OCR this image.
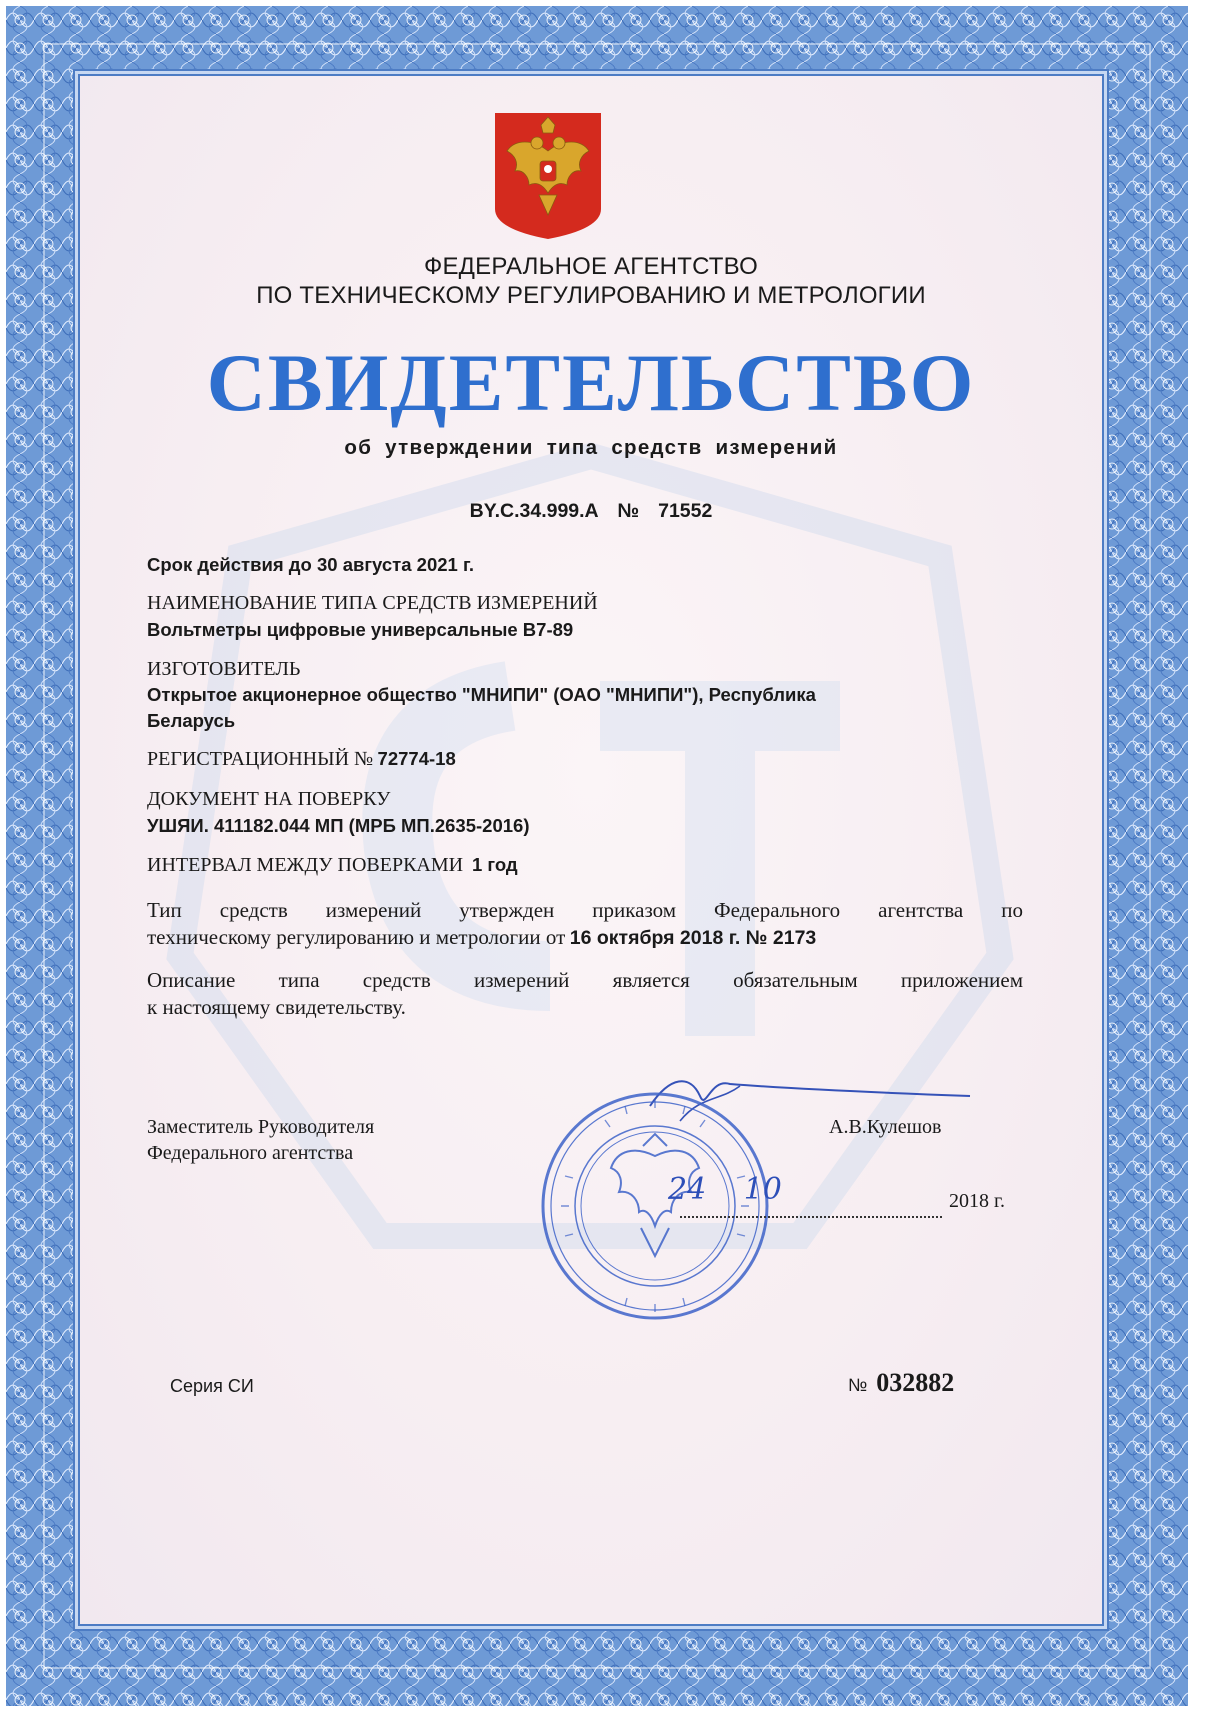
ФЕДЕРАЛЬНОЕ АГЕНТСТВО
ПО ТЕХНИЧЕСКОМУ РЕГУЛИРОВАНИЮ И МЕТРОЛОГИИ
СВИДЕТЕЛЬСТВО
об утверждении типа средств измерений
BY.C.34.999.A № 71552
Срок действия до 30 августа 2021 г.
НАИМЕНОВАНИЕ ТИПА СРЕДСТВ ИЗМЕРЕНИЙ
Вольтметры цифровые универсальные В7-89
ИЗГОТОВИТЕЛЬ
Открытое акционерное общество "МНИПИ" (ОАО "МНИПИ"), Республика
Беларусь
РЕГИСТРАЦИОННЫЙ № 72774-18
ДОКУМЕНТ НА ПОВЕРКУ
УШЯИ. 411182.044 МП (МРБ МП.2635-2016)
ИНТЕРВАЛ МЕЖДУ ПОВЕРКАМИ 1 год
Тип средств измерений утвержден приказом Федерального агентства по
техническому регулированию и метрологии от 16 октября 2018 г. № 2173
Описание типа средств измерений является обязательным приложением
к настоящему свидетельству.
Заместитель Руководителя
Федерального агентства
А.В.Кулешов
24 10	2018 г.
Серия СИ	№ 032882
